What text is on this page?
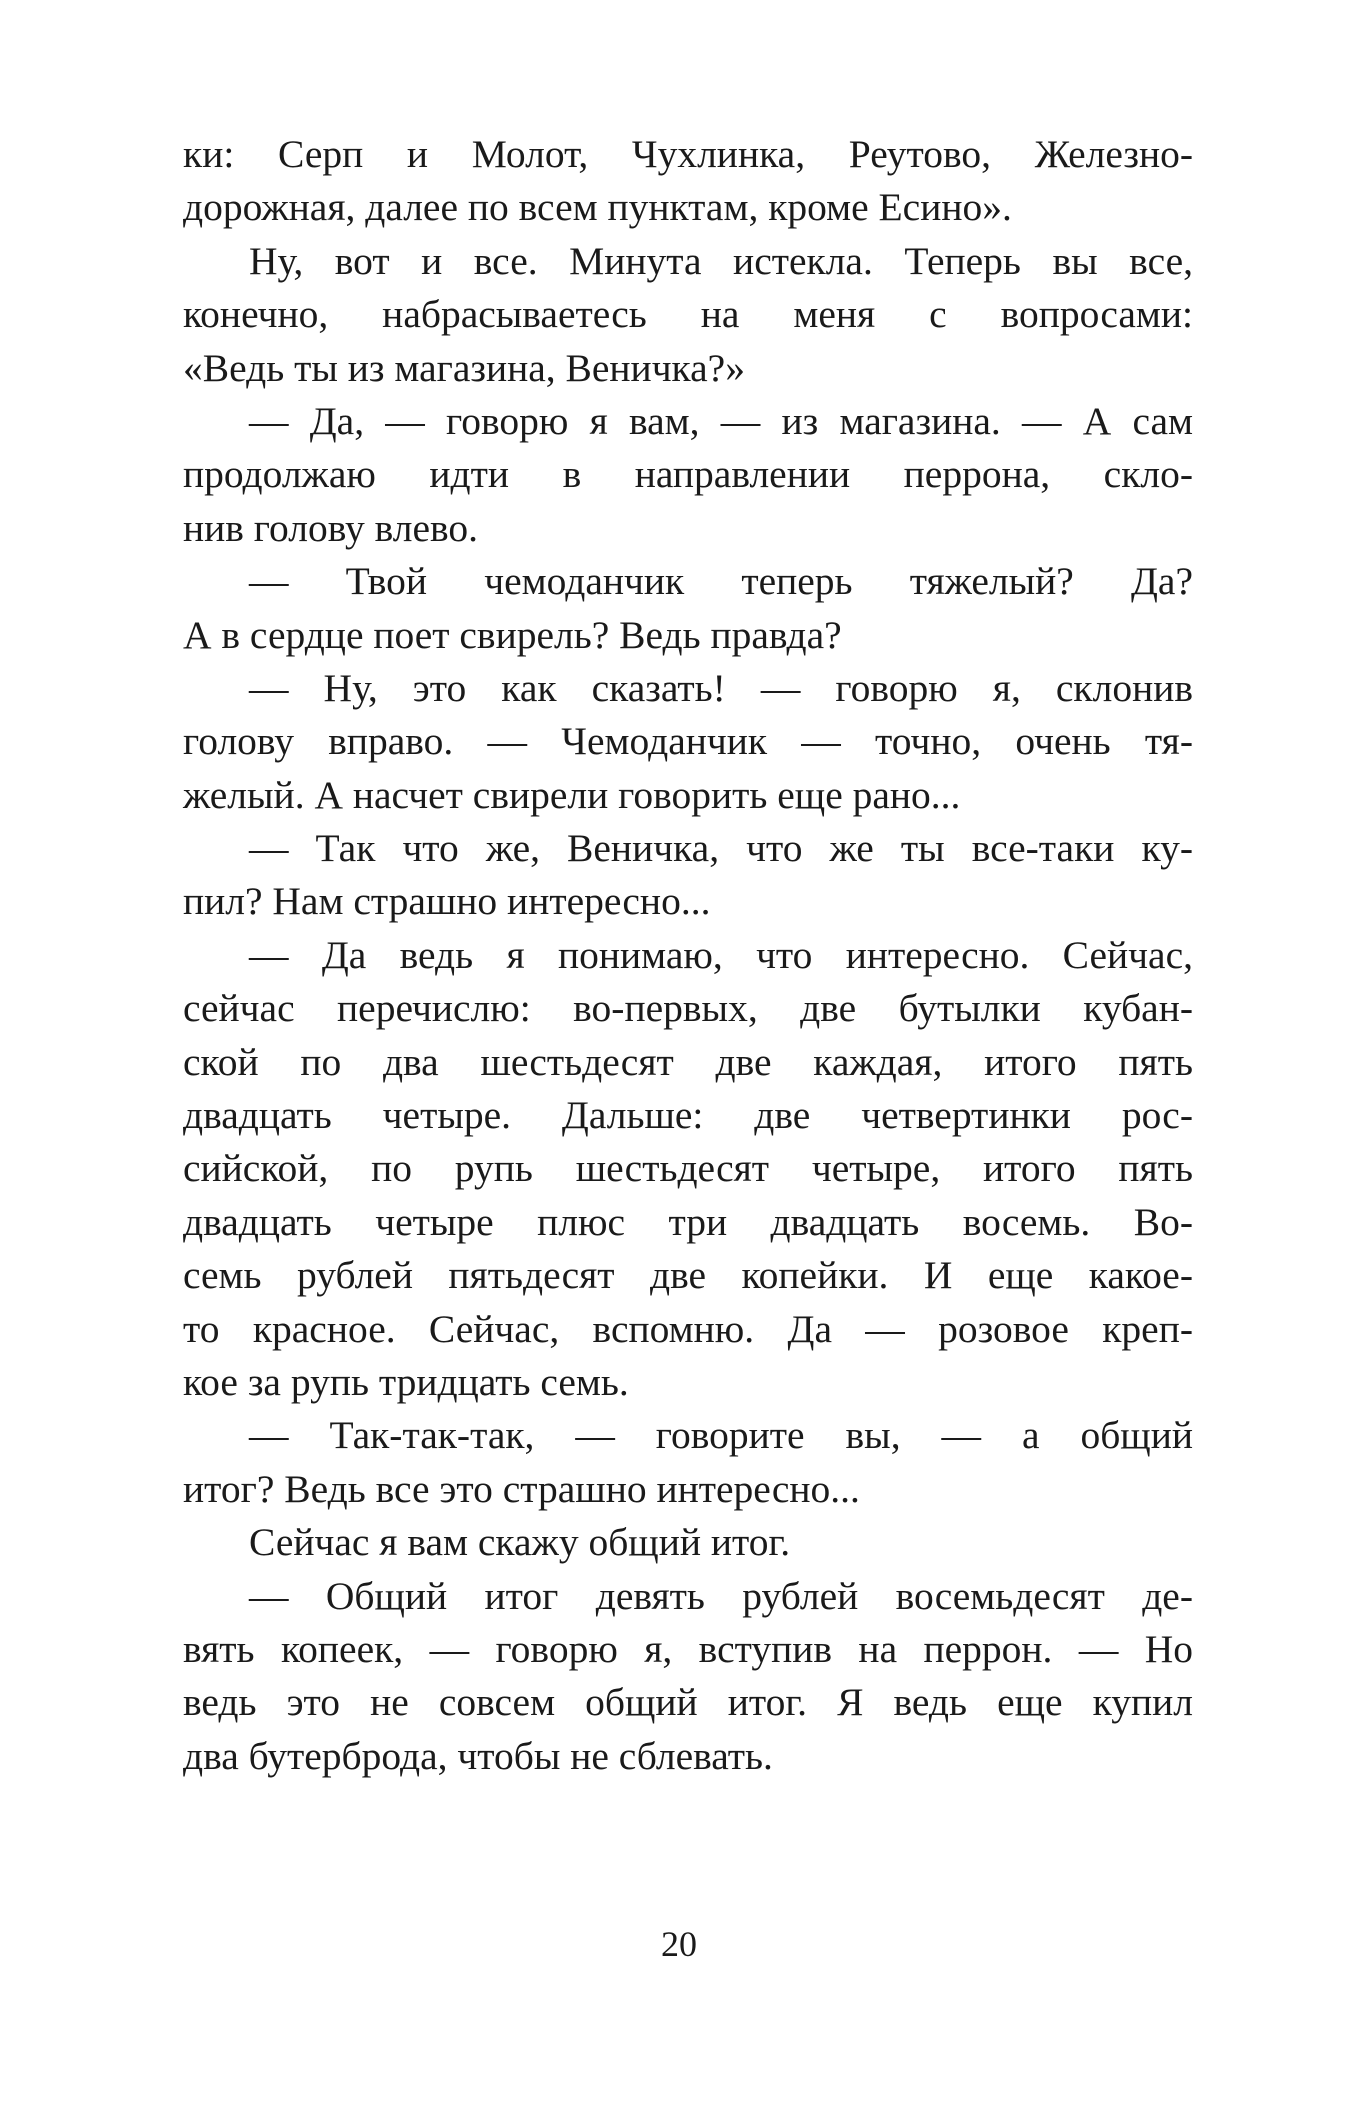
ки: Серп и Молот, Чухлинка, Реутово, Железно-
дорожная, далее по всем пунктам, кроме Есино».
Ну, вот и все. Минута истекла. Теперь вы все,
конечно, набрасываетесь на меня с вопросами:
«Ведь ты из магазина, Веничка?»
— Да, — говорю я вам, — из магазина. — А сам
продолжаю идти в направлении перрона, скло-
нив голову влево.
— Твой чемоданчик теперь тяжелый? Да?
А в сердце поет свирель? Ведь правда?
— Ну, это как сказать! — говорю я, склонив
голову вправо. — Чемоданчик — точно, очень тя-
желый. А насчет свирели говорить еще рано...
— Так что же, Веничка, что же ты все-таки ку-
пил? Нам страшно интересно...
— Да ведь я понимаю, что интересно. Сейчас,
сейчас перечислю: во-первых, две бутылки кубан-
ской по два шестьдесят две каждая, итого пять
двадцать четыре. Дальше: две четвертинки рос-
сийской, по рупь шестьдесят четыре, итого пять
двадцать четыре плюс три двадцать восемь. Во-
семь рублей пятьдесят две копейки. И еще какое-
то красное. Сейчас, вспомню. Да — розовое креп-
кое за рупь тридцать семь.
— Так-так-так, — говорите вы, — а общий
итог? Ведь все это страшно интересно...
Сейчас я вам скажу общий итог.
— Общий итог девять рублей восемьдесят де-
вять копеек, — говорю я, вступив на перрон. — Но
ведь это не совсем общий итог. Я ведь еще купил
два бутерброда, чтобы не сблевать.
20
